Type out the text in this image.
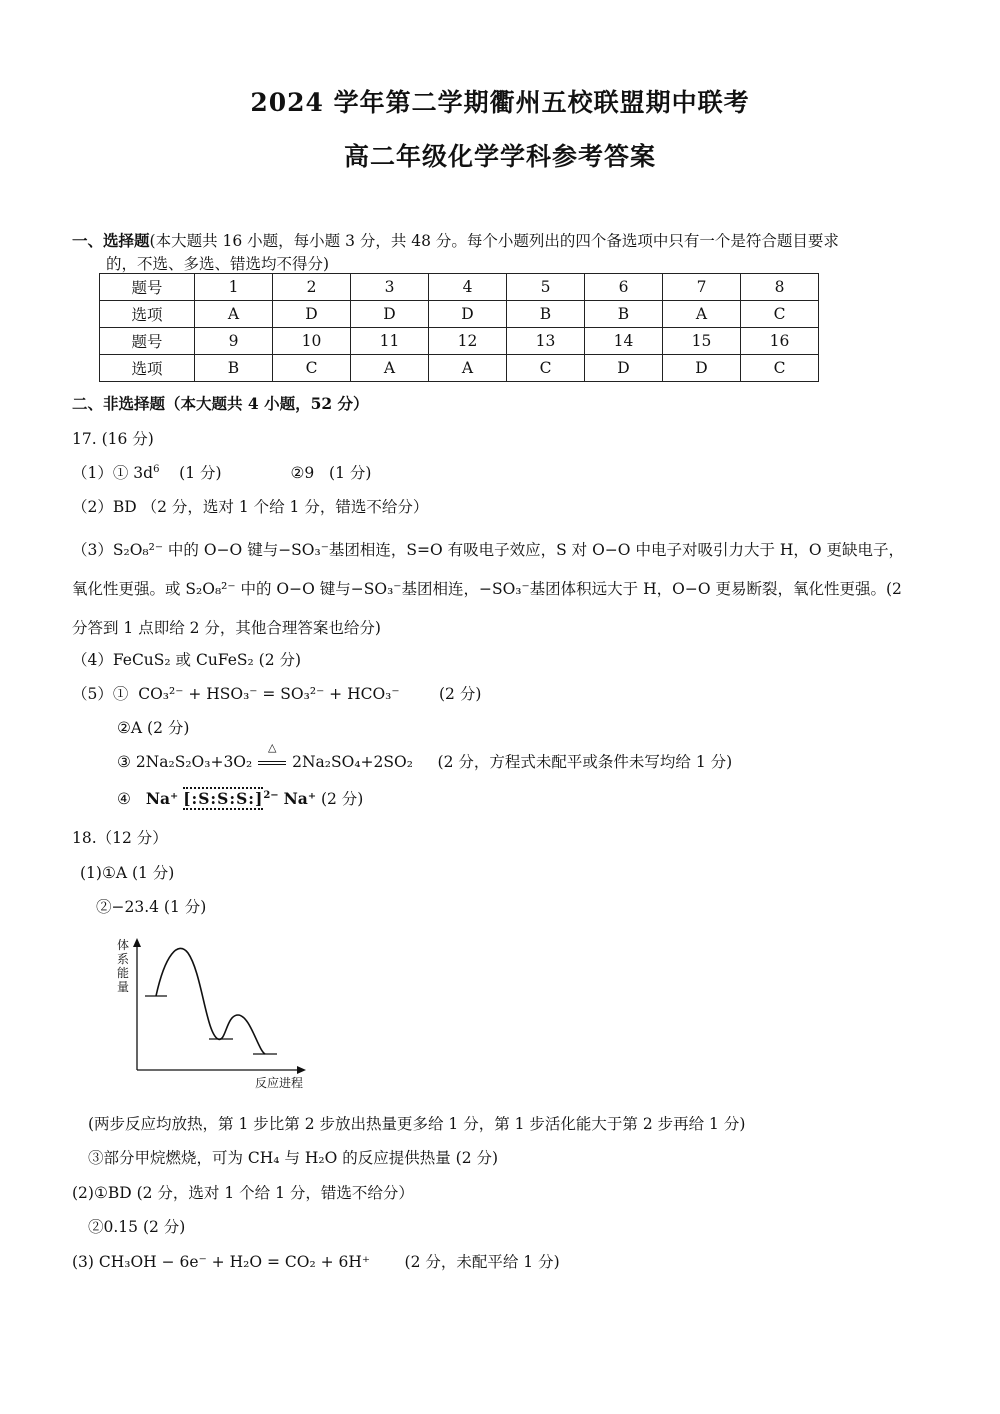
2024 学年第二学期衢州五校联盟期中联考
高二年级化学学科参考答案
一、选择题(本大题共 16 小题，每小题 3 分，共 48 分。每个小题列出的四个备选项中只有一个是符合题目要求
的，不选、多选、错选均不得分)
题号	1	2	3	4	5	6	7	8
选项	A	D	D	D	B	B	A	C
题号	9	10	11	12	13	14	15	16
选项	B	C	A	A	C	D	D	C
二、非选择题（本大题共 4 小题，52 分）
17. (16 分)
（1）① $3d^6$    (1 分)              ②9   (1 分)
（2）BD （2 分，选对 1 个给 1 分，错选不给分）
（3）S₂O₈²⁻ 中的 O−O 键与−SO₃⁻基团相连，S=O 有吸电子效应，S 对 O−O 中电子对吸引力大于 H，O 更缺电子，
氧化性更强。或 S₂O₈²⁻ 中的 O−O 键与−SO₃⁻基团相连，−SO₃⁻基团体积远大于 H，O−O 更易断裂，氧化性更强。(2
分答到 1 点即给 2 分，其他合理答案也给分)
（4）FeCuS₂ 或 CuFeS₂ (2 分)
（5）①  CO₃²⁻ + HSO₃⁻ = SO₃²⁻ + HCO₃⁻        (2 分)
②A (2 分)
③ 2Na₂S₂O₃+3O₂
△
2Na₂SO₄+2SO₂     (2 分，方程式未配平或条件未写均给 1 分)
④ Na⁺ [:S:S:S:]$^{2-}$ Na⁺ (2 分)
18.（12 分）
(1)①A (1 分)
②−23.4 (1 分)
体系能量
反应进程
(两步反应均放热，第 1 步比第 2 步放出热量更多给 1 分，第 1 步活化能大于第 2 步再给 1 分)
③部分甲烷燃烧，可为 CH₄ 与 H₂O 的反应提供热量 (2 分)
(2)①BD (2 分，选对 1 个给 1 分，错选不给分）
②0.15 (2 分)
(3) CH₃OH − 6e⁻ + H₂O = CO₂ + 6H⁺       (2 分，未配平给 1 分)
